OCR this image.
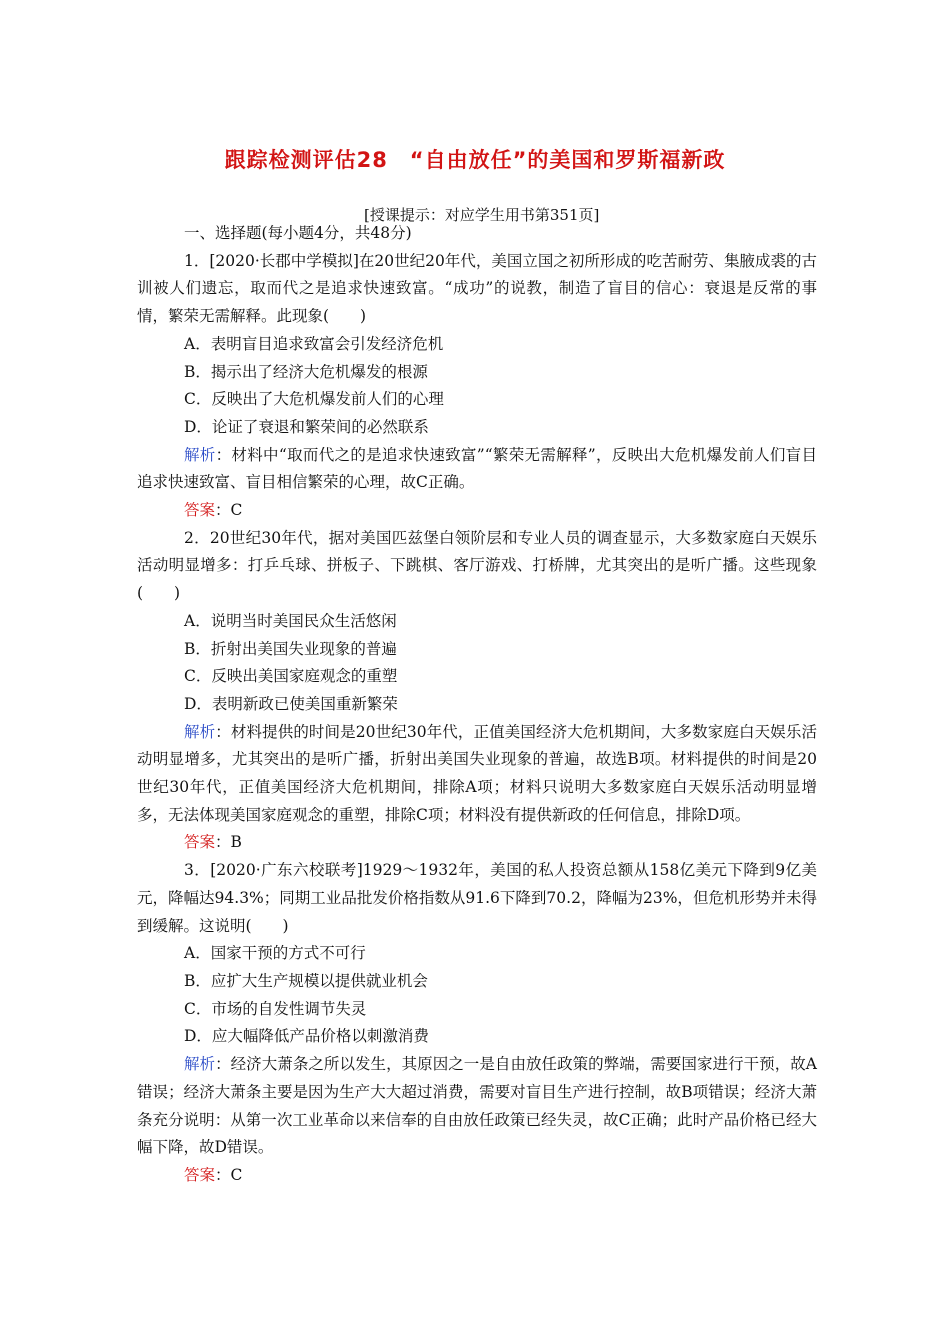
跟踪检测评估28　“自由放任”的美国和罗斯福新政
[授课提示：对应学生用书第351页]

一、选择题(每小题4分，共48分)

1．[2020·长郡中学模拟]在20世纪20年代，美国立国之初所形成的吃苦耐劳、集腋成裘的古训被人们遗忘，取而代之是追求快速致富。“成功”的说教，制造了盲目的信心：衰退是反常的事情，繁荣无需解释。此现象(　　)

A．表明盲目追求致富会引发经济危机

B．揭示出了经济大危机爆发的根源

C．反映出了大危机爆发前人们的心理

D．论证了衰退和繁荣间的必然联系

解析：材料中“取而代之的是追求快速致富”“繁荣无需解释”，反映出大危机爆发前人们盲目追求快速致富、盲目相信繁荣的心理，故C正确。

答案：C

2．20世纪30年代，据对美国匹兹堡白领阶层和专业人员的调查显示，大多数家庭白天娱乐活动明显增多：打乒乓球、拼板子、下跳棋、客厅游戏、打桥牌，尤其突出的是听广播。这些现象(　　)

A．说明当时美国民众生活悠闲

B．折射出美国失业现象的普遍

C．反映出美国家庭观念的重塑

D．表明新政已使美国重新繁荣

解析：材料提供的时间是20世纪30年代，正值美国经济大危机期间，大多数家庭白天娱乐活动明显增多，尤其突出的是听广播，折射出美国失业现象的普遍，故选B项。材料提供的时间是20世纪30年代，正值美国经济大危机期间，排除A项；材料只说明大多数家庭白天娱乐活动明显增多，无法体现美国家庭观念的重塑，排除C项；材料没有提供新政的任何信息，排除D项。

答案：B

3．[2020·广东六校联考]1929～1932年，美国的私人投资总额从158亿美元下降到9亿美元，降幅达94.3%；同期工业品批发价格指数从91.6下降到70.2，降幅为23%，但危机形势并未得到缓解。这说明(　　)

A．国家干预的方式不可行

B．应扩大生产规模以提供就业机会

C．市场的自发性调节失灵

D．应大幅降低产品价格以刺激消费

解析：经济大萧条之所以发生，其原因之一是自由放任政策的弊端，需要国家进行干预，故A错误；经济大萧条主要是因为生产大大超过消费，需要对盲目生产进行控制，故B项错误；经济大萧条充分说明：从第一次工业革命以来信奉的自由放任政策已经失灵，故C正确；此时产品价格已经大幅下降，故D错误。

答案：C
